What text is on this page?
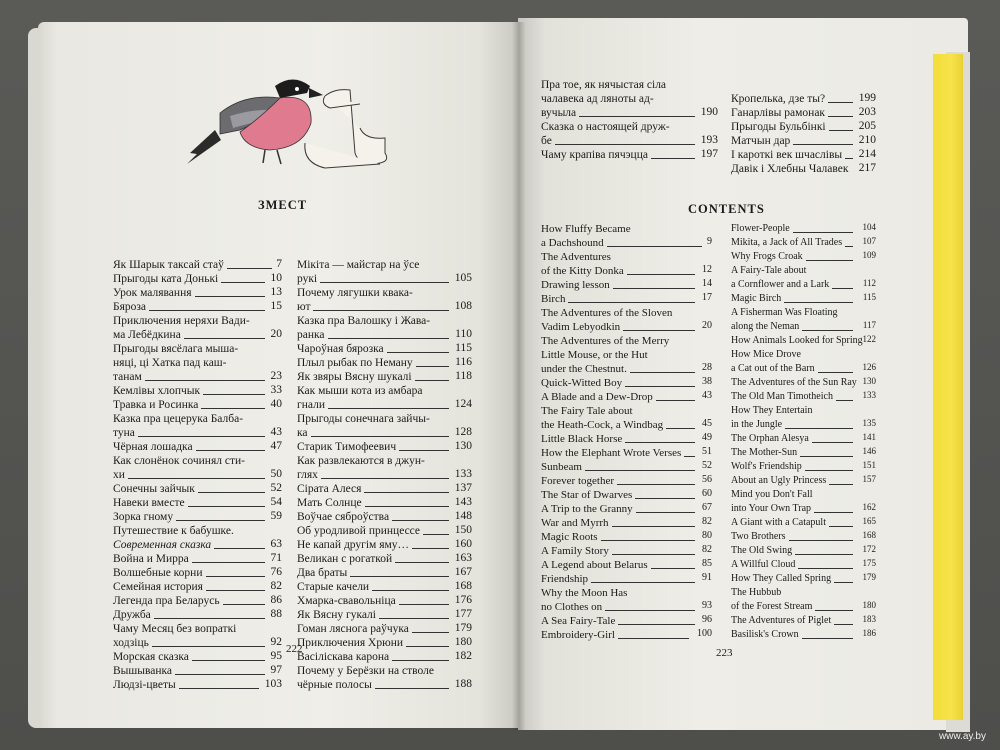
ЗМЕСТ
Як Шарык таксай стаў	7
Прыгоды ката Донькі	10
Урок малявання	13
Бяроза	15
Приключения неряхи Вади-
ма Лебёдкина	20
Прыгоды вясёлага мыша-
няці, ці Хатка пад каш-
танам	23
Кемлівы хлопчык	33
Травка и Росинка	40
Казка пра цецерука Балба-
туна	43
Чёрная лошадка	47
Как слонёнок сочинял сти-
хи	50
Сонечны зайчык	52
Навеки вместе	54
Зорка гному	59
Путешествие к бабушке.
Современная сказка	63
Война и Мирра	71
Волшебные корни	76
Семейная история	82
Легенда пра Беларусь	86
Дружба	88
Чаму Месяц без вопраткі
ходзіць	92
Морская сказка	95
Вышыванка	97
Людзі-цветы	103
Мікіта — майстар на ўсе
рукі	105
Почему лягушки квака-
ют	108
Казка пра Валошку і Жава-
ранка	110
Чароўная бярозка	115
Плыл рыбак по Неману	116
Як звяры Вясну шукалі	118
Как мыши кота из амбара
гнали	124
Прыгоды сонечнага зайчы-
ка	128
Старик Тимофеевич	130
Как развлекаются в джун-
глях	133
Сірата Алеся	137
Мать Солнце	143
Воўчае сяброўства	148
Об уродливой принцессе	150
Не капай другім яму…	160
Великан с рогаткой	163
Два браты	167
Старые качели	168
Хмарка-свавольніца	176
Як Вясну гукалі	177
Гоман ляснога раўчука	179
Приключения Хрюни	180
Васілiскава карона	182
Почему у Берёзки на стволе
чёрные полосы	188
222
Пра тое, як нячыстая сіла
чалавека ад ляноты ад-
вучыла	190
Сказка о настоящей друж-
бе	193
Чаму крапіва пячэцца	197
Кропелька, дзе ты?	199
Ганарлівы рамонак	203
Прыгоды Бульбінкі	205
Матчын дар	210
І кароткі век шчаслівы	214
Давік і Хлебны Чалавек 217
CONTENTS
How Fluffy Became
a Dachshound	9
The Adventures
of the Kitty Donka	12
Drawing lesson	14
Birch	17
The Adventures of the Sloven
Vadim Lebyodkin	20
The Adventures of the Merry
Little Mouse, or the Hut
under the Chestnut.	28
Quick-Witted Boy	38
A Blade and a Dew-Drop	43
The Fairy Tale about
the Heath-Cock, a Windbag	45
Little Black Horse	49
How the Elephant Wrote Verses	51
Sunbeam	52
Forever together	56
The Star of Dwarves	60
A Trip to the Granny	67
War and Myrrh	82
Magic Roots	80
A Family Story	82
A Legend about Belarus	85
Friendship	91
Why the Moon Has
no Clothes on	93
A Sea Fairy-Tale	96
Embroidery-Girl	100
Flower-People	104
Mikita, a Jack of All Trades	107
Why Frogs Croak	109
A Fairy-Tale about
a Cornflower and a Lark	112
Magic Birch	115
A Fisherman Was Floating
along the Neman	117
How Animals Looked for Spring 122
How Mice Drove
a Cat out of the Barn	126
The Adventures of the Sun Ray 130
The Old Man Timotheich	133
How They Entertain
in the Jungle	135
The Orphan Alesya	141
The Mother-Sun	146
Wolf's Friendship	151
About an Ugly Princess	157
Mind you Don't Fall
into Your Own Trap	162
A Giant with a Catapult	165
Two Brothers	168
The Old Swing	172
A Willful Cloud	175
How They Called Spring	179
The Hubbub
of the Forest Stream	180
The Adventures of Piglet	183
Basilisk's Crown	186
223
www.ay.by
